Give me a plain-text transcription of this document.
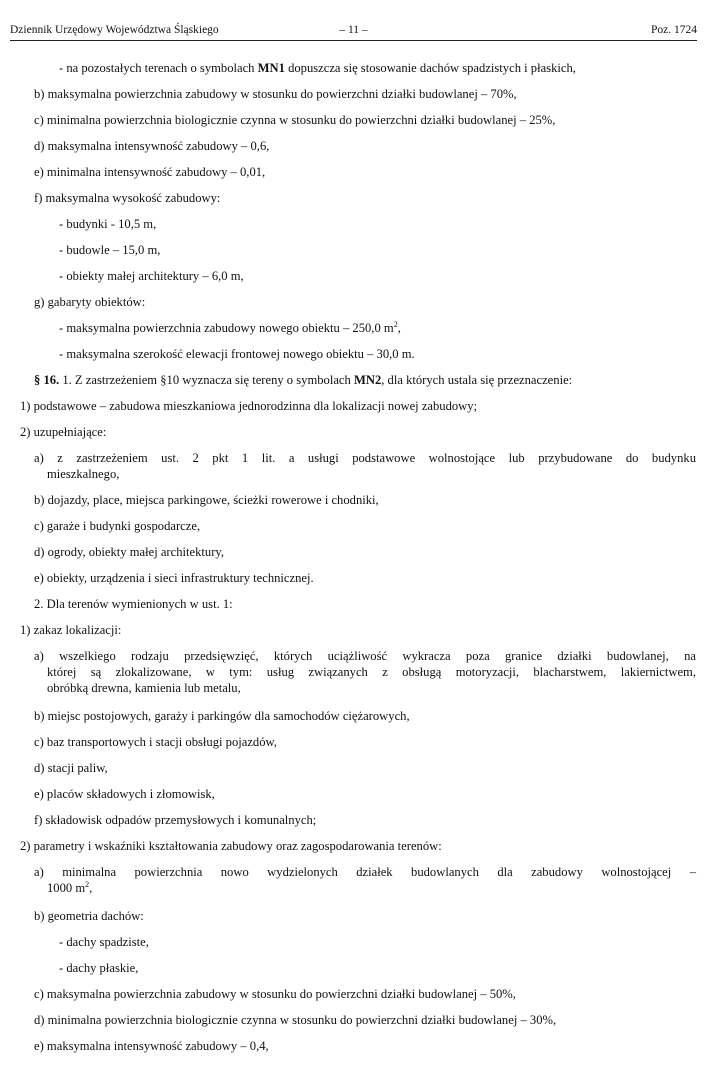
Dziennik Urzędowy Województwa Śląskiego	– 11 –	Poz. 1724
- na pozostałych terenach o symbolach MN1 dopuszcza się stosowanie dachów spadzistych i płaskich,
b) maksymalna powierzchnia zabudowy w stosunku do powierzchni działki budowlanej – 70%,
c) minimalna powierzchnia biologicznie czynna w stosunku do powierzchni działki budowlanej – 25%,
d) maksymalna intensywność zabudowy – 0,6,
e) minimalna intensywność zabudowy – 0,01,
f) maksymalna wysokość zabudowy:
- budynki - 10,5 m,
- budowle – 15,0 m,
- obiekty małej architektury – 6,0 m,
g) gabaryty obiektów:
- maksymalna powierzchnia zabudowy nowego obiektu – 250,0 $m^2$,
- maksymalna szerokość elewacji frontowej nowego obiektu – 30,0 m.
§ 16. 1. Z zastrzeżeniem §10 wyznacza się tereny o symbolach MN2, dla których ustala się przeznaczenie:
1) podstawowe – zabudowa mieszkaniowa jednorodzinna dla lokalizacji nowej zabudowy;
2) uzupełniające:
a) z zastrzeżeniem ust. 2 pkt 1 lit. a usługi podstawowe wolnostojące lub przybudowane do budynku
mieszkalnego,
b) dojazdy, place, miejsca parkingowe, ścieżki rowerowe i chodniki,
c) garaże i budynki gospodarcze,
d) ogrody, obiekty małej architektury,
e) obiekty, urządzenia i sieci infrastruktury technicznej.
2. Dla terenów wymienionych w ust. 1:
1) zakaz lokalizacji:
a) wszelkiego rodzaju przedsięwzięć, których uciążliwość wykracza poza granice działki budowlanej, na
której są zlokalizowane, w tym: usług związanych z obsługą motoryzacji, blacharstwem, lakiernictwem,
obróbką drewna, kamienia lub metalu,
b) miejsc postojowych, garaży i parkingów dla samochodów ciężarowych,
c) baz transportowych i stacji obsługi pojazdów,
d) stacji paliw,
e) placów składowych i złomowisk,
f) składowisk odpadów przemysłowych i komunalnych;
2) parametry i wskaźniki kształtowania zabudowy oraz zagospodarowania terenów:
a) minimalna powierzchnia nowo wydzielonych działek budowlanych dla zabudowy wolnostojącej –
1000 $m^2$,
b) geometria dachów:
- dachy spadziste,
- dachy płaskie,
c) maksymalna powierzchnia zabudowy w stosunku do powierzchni działki budowlanej – 50%,
d) minimalna powierzchnia biologicznie czynna w stosunku do powierzchni działki budowlanej – 30%,
e) maksymalna intensywność zabudowy – 0,4,
